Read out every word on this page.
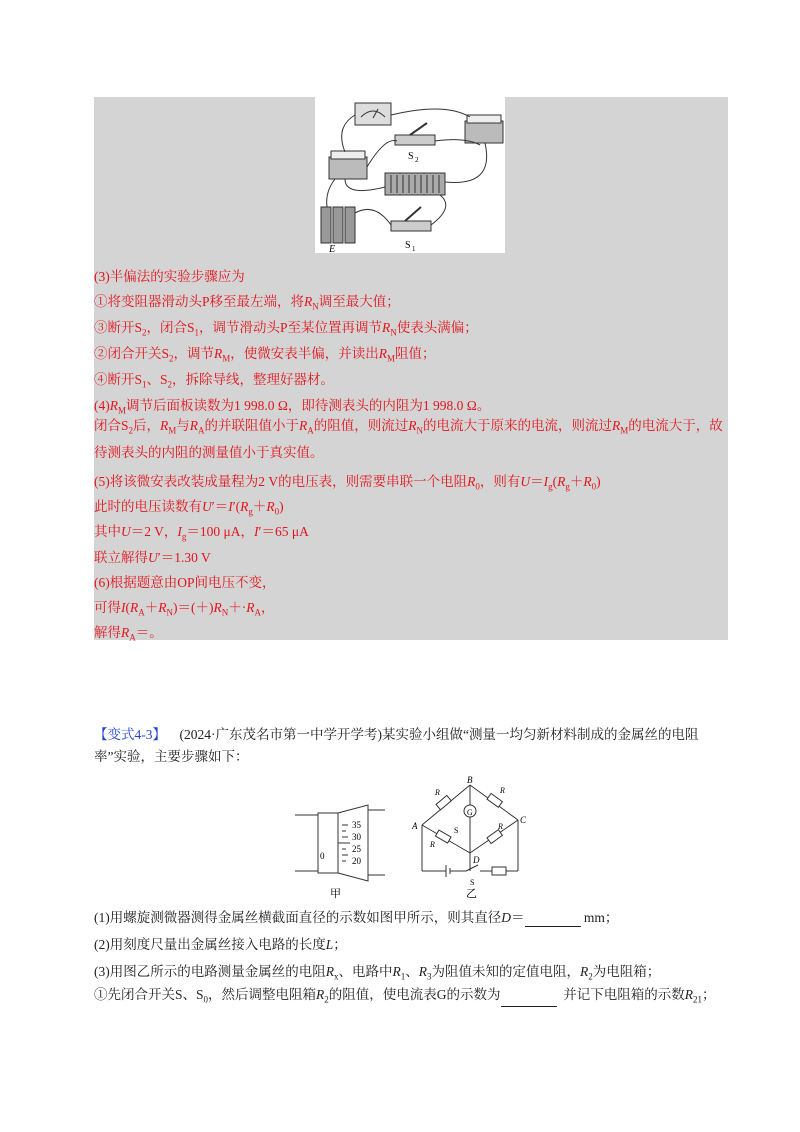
S 2
E	S 1
(3)半偏法的实验步骤应为
①将变阻器滑动头P移至最左端，将$R_N$调至最大值；
③断开$S_2$，闭合$S_1$，调节滑动头P至某位置再调节$R_N$使表头满偏；
②闭合开关$S_2$，调节$R_M$，使微安表半偏，并读出$R_M$阻值；
④断开$S_1$、$S_2$，拆除导线，整理好器材。
$(4)R_M$调节后面板读数为1 998.0 Ω，即待测表头的内阻为1 998.0 Ω。
闭合$S_2$后，$R_M$与$R_A$的并联阻值小于$R_A$的阻值，则流过$R_N$的电流大于原来的电流，则流过$R_M$的电流大于，故待测表头的内阻的测量值小于真实值。
(5)将该微安表改装成量程为2 V的电压表，则需要串联一个电阻$R_0$，则有$U=I_g(R_g+R_0)$
此时的电压读数有$U'=I'(R_g+R_0)$
其中U＝2 V，$I_g=100$ μA，I′＝65 μA
联立解得U′＝1.30 V
(6)根据题意由OP间电压不变，
可得$I(R_A+R_N)=(+)R_N+\cdot R_A$，
解得$R_A=$。
【变式4-3】 (2024·广东茂名市第一中学开学考)某实验小组做“测量一均匀新材料制成的金属丝的电阻率”实验，主要步骤如下：
35
30
25
20
0
甲
G
A
B
C
D
R	R
R
R
S
S
乙
(1)用螺旋测微器测得金属丝横截面直径的示数如图甲所示，则其直径D＝	mm；
(2)用刻度尺量出金属丝接入电路的长度L；
(3)用图乙所示的电路测量金属丝的电阻$R_x$、电路中$R_1$、$R_3$为阻值未知的定值电阻，$R_2$为电阻箱；
①先闭合开关S、$S_0$，然后调整电阻箱$R_2$的阻值，使电流表G的示数为	并记下电阻箱的示数$R_{21}$；
